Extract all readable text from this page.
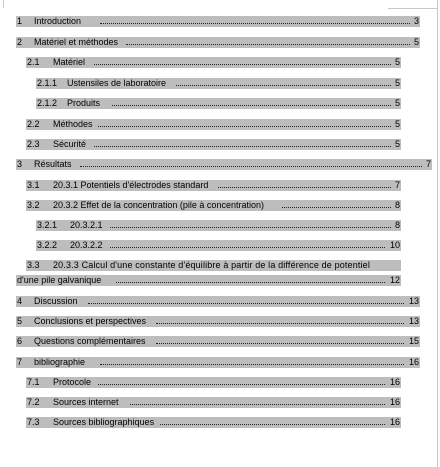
1 Introduction	3
2 Matériel et méthodes	5
2.1 Matériel	5
2.1.1 Ustensiles de laboratoire	5
2.1.2 Produits	5
2.2 Méthodes	5
2.3 Sécurité	5
3 Résultats	7
3.1 20.3.1 Potentiels d'électrodes standard	7
3.2 20.3.2 Effet de la concentration (pile à concentration)	8
3.2.1 20.3.2.1	8
3.2.2 20.3.2.2	10
3.3 20.3.3 Calcul d'une constante d'équilibre à partir de la différence de potentiel
d'une pile galvanique	12
4 Discussion	13
5 Conclusions et perspectives	13
6 Questions complémentaires	15
7 bibliographie	16
7.1 Protocole	16
7.2 Sources internet	16
7.3 Sources bibliographiques	16
